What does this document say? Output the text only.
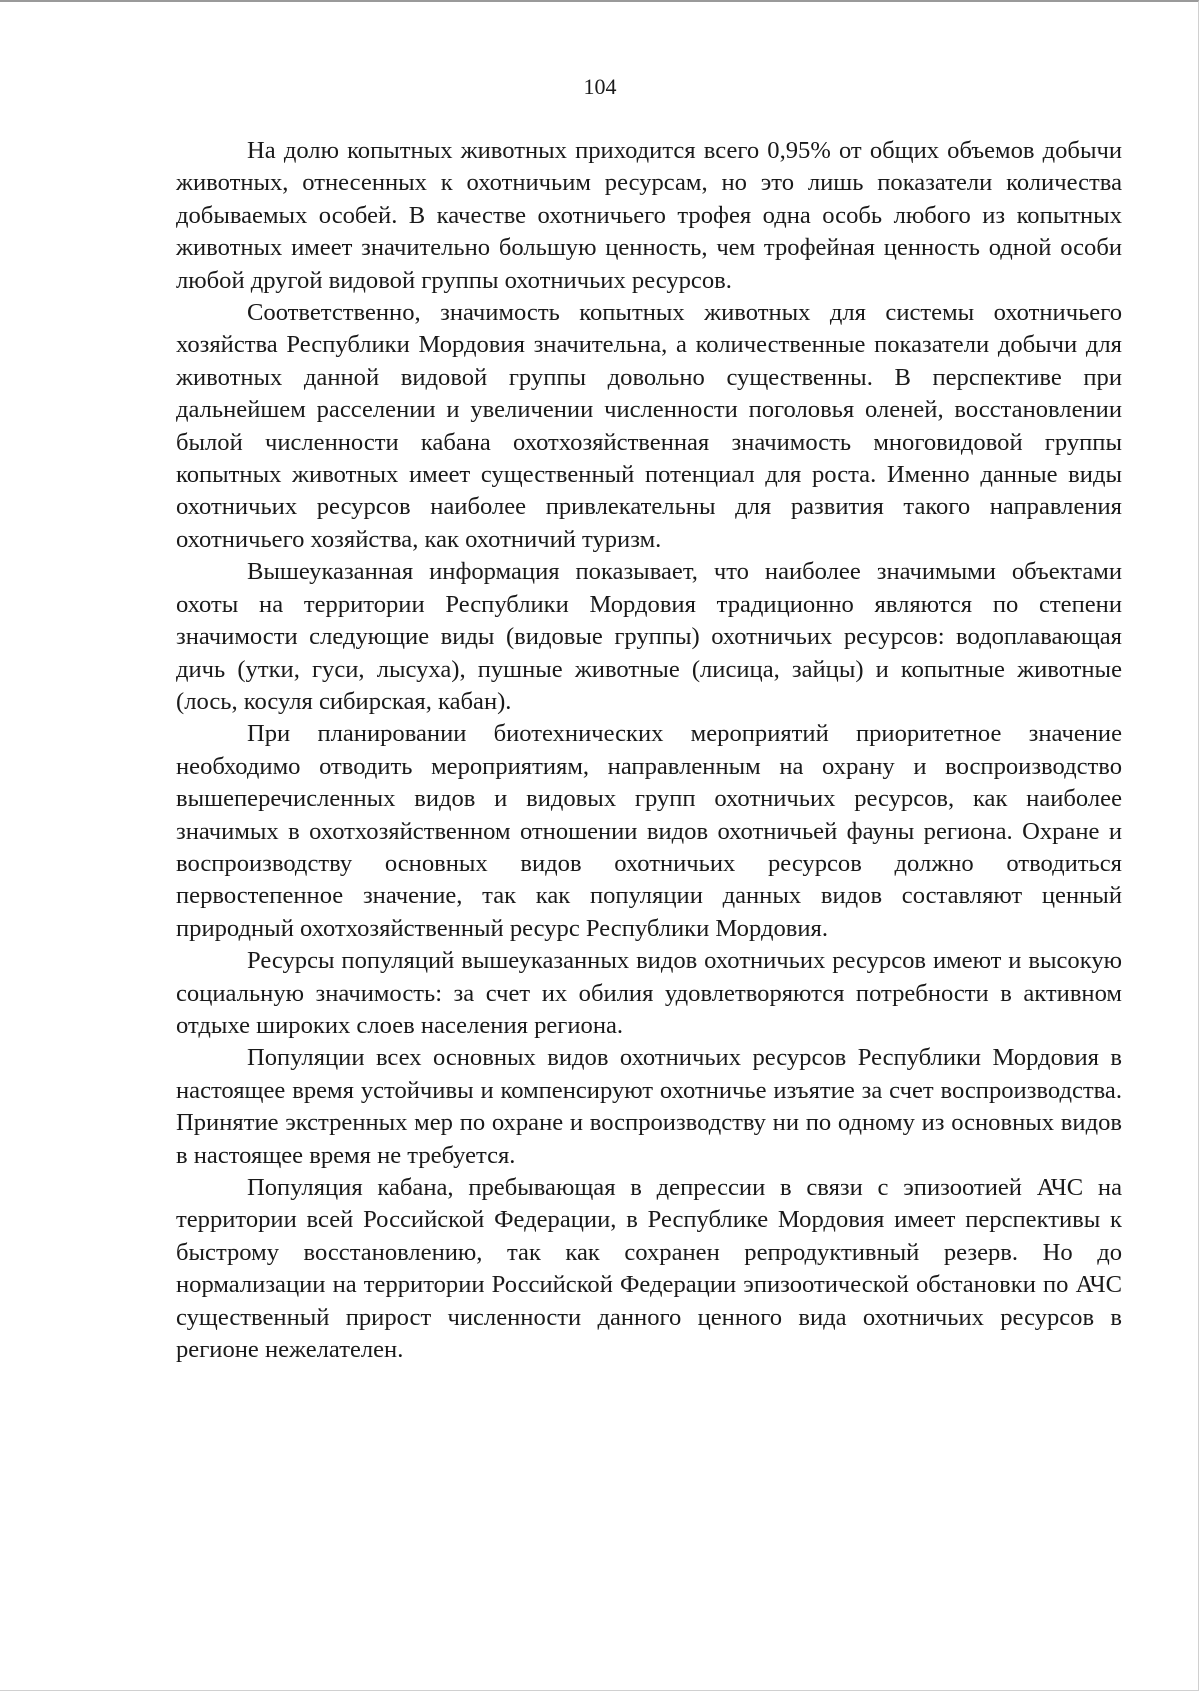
104

На долю копытных животных приходится всего 0,95% от общих объемов добычи животных, отнесенных к охотничьим ресурсам, но это лишь показатели количества добываемых особей. В качестве охотничьего трофея одна особь любого из копытных животных имеет значительно большую ценность, чем трофейная ценность одной особи любой другой видовой группы охотничьих ресурсов.

Соответственно, значимость копытных животных для системы охотничьего хозяйства Республики Мордовия значительна, а количественные показатели добычи для животных данной видовой группы довольно существенны. В перспективе при дальнейшем расселении и увеличении численности поголовья оленей, восстановлении былой численности кабана охотхозяйственная значимость многовидовой группы копытных животных имеет существенный потенциал для роста. Именно данные виды охотничьих ресурсов наиболее привлекательны для развития такого направления охотничьего хозяйства, как охотничий туризм.

Вышеуказанная информация показывает, что наиболее значимыми объектами охоты на территории Республики Мордовия традиционно являются по степени значимости следующие виды (видовые группы) охотничьих ресурсов: водоплавающая дичь (утки, гуси, лысуха), пушные животные (лисица, зайцы) и копытные животные (лось, косуля сибирская, кабан).

При планировании биотехнических мероприятий приоритетное значение необходимо отводить мероприятиям, направленным на охрану и воспроизводство вышеперечисленных видов и видовых групп охотничьих ресурсов, как наиболее значимых в охотхозяйственном отношении видов охотничьей фауны региона. Охране и воспроизводству основных видов охотничьих ресурсов должно отводиться первостепенное значение, так как популяции данных видов составляют ценный природный охотхозяйственный ресурс Республики Мордовия.

Ресурсы популяций вышеуказанных видов охотничьих ресурсов имеют и высокую социальную значимость: за счет их обилия удовлетворяются потребности в активном отдыхе широких слоев населения региона.

Популяции всех основных видов охотничьих ресурсов Республики Мордовия в настоящее время устойчивы и компенсируют охотничье изъятие за счет воспроизводства. Принятие экстренных мер по охране и воспроизводству ни по одному из основных видов в настоящее время не требуется.

Популяция кабана, пребывающая в депрессии в связи с эпизоотией АЧС на территории всей Российской Федерации, в Республике Мордовия имеет перспективы к быстрому восстановлению, так как сохранен репродуктивный резерв. Но до нормализации на территории Российской Федерации эпизоотической обстановки по АЧС существенный прирост численности данного ценного вида охотничьих ресурсов в регионе нежелателен.
